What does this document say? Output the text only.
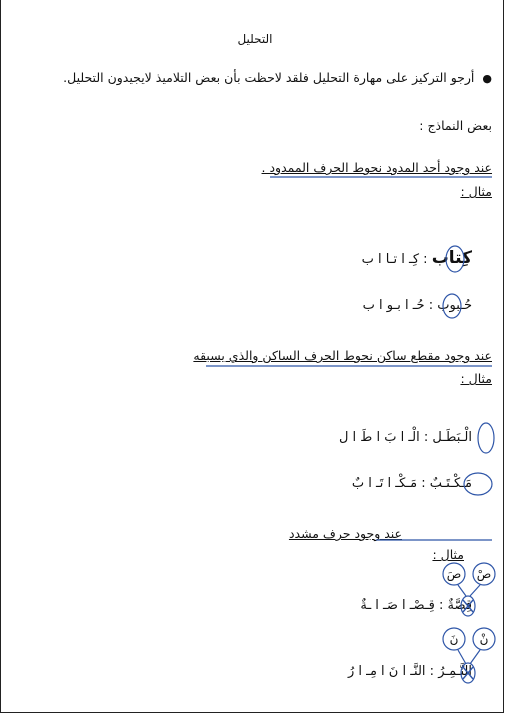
التحليل
●أرجو التركيز على مهارة التحليل فلقد لاحظت بأن بعض التلاميذ لايجيدون التحليل.
بعض النماذج :
عند وجود أحد المدود نحوط الحرف الممدود .
مثال :
كِتاب : كِـ ا تـا ا ب
حُـبوب : حُـ ا بـو ا ب
عند وجود مقطع ساكن نحوط الحرف الساكن والذي يسبقه
مثال :
الْـبَطَـل : الْـ ا بَ ا طَ ا ل
مَـكْـتَـبٌ : مَـكْـ ا تَـ ا بٌ
عند وجود حرف مشدد
مثال :
صْ
صَ
قِصَّةٌ : قِـصْـ ا صَـ ا ـةٌ
نْ
نَ
النَّـمِـرُ : النَّـ ا نَ ا مِـ ا رُ
